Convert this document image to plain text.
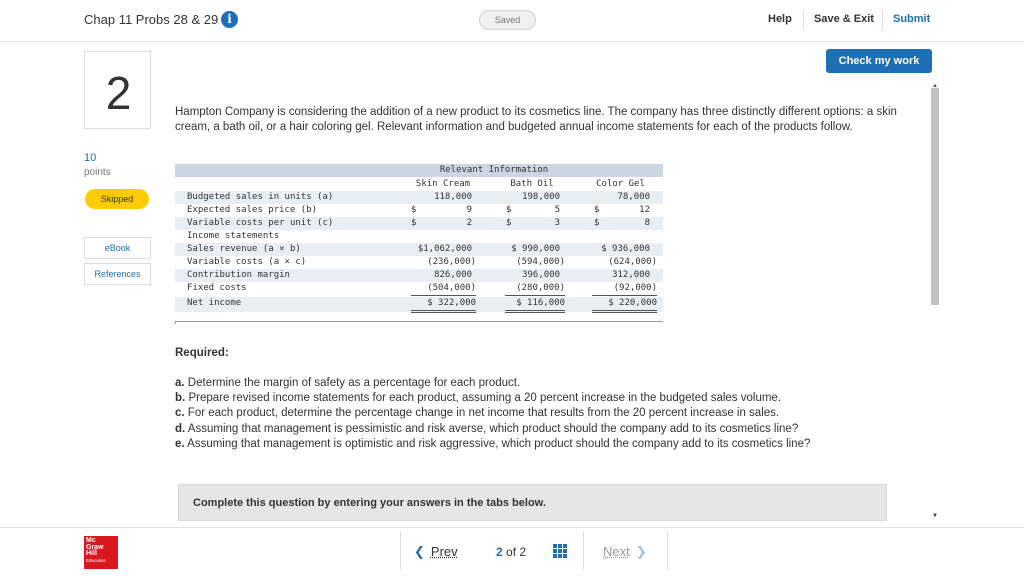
Chap 11 Probs 28 & 29 i	Saved	Help Save & Exit Submit
Check my work
2
10
points
Skipped
eBook
References
Hampton Company is considering the addition of a new product to its cosmetics line. The company has three distinctly different options: a skin cream, a bath oil, or a hair coloring gel. Relevant information and budgeted annual income statements for each of the products follow.
Relevant Information
Skin Cream	Bath Oil	Color Gel
Budgeted sales in units (a)	118,000	198,000	78,000
Expected sales price (b)	$	9	$	5	$	12
Variable costs per unit (c)	$	2	$	3	$	8
Income statements
Sales revenue (a × b)	$1,062,000	$ 990,000	$ 936,000
Variable costs (a × c)	(236,000)	(594,000)	(624,000)
Contribution margin	826,000	396,000	312,000
Fixed costs	(504,000)	(280,000)	(92,000)
Net income	$ 322,000	$ 116,000	$ 220,000
Required:
a. Determine the margin of safety as a percentage for each product.
b. Prepare revised income statements for each product, assuming a 20 percent increase in the budgeted sales volume.
c. For each product, determine the percentage change in net income that results from the 20 percent increase in sales.
d. Assuming that management is pessimistic and risk averse, which product should the company add to its cosmetics line?
e. Assuming that management is optimistic and risk aggressive, which product should the company add to its cosmetics line?
Complete this question by entering your answers in the tabs below.
▲
▼
Mc
Graw
Hill
Education
❮ Prev	2 of 2	Next ❯
